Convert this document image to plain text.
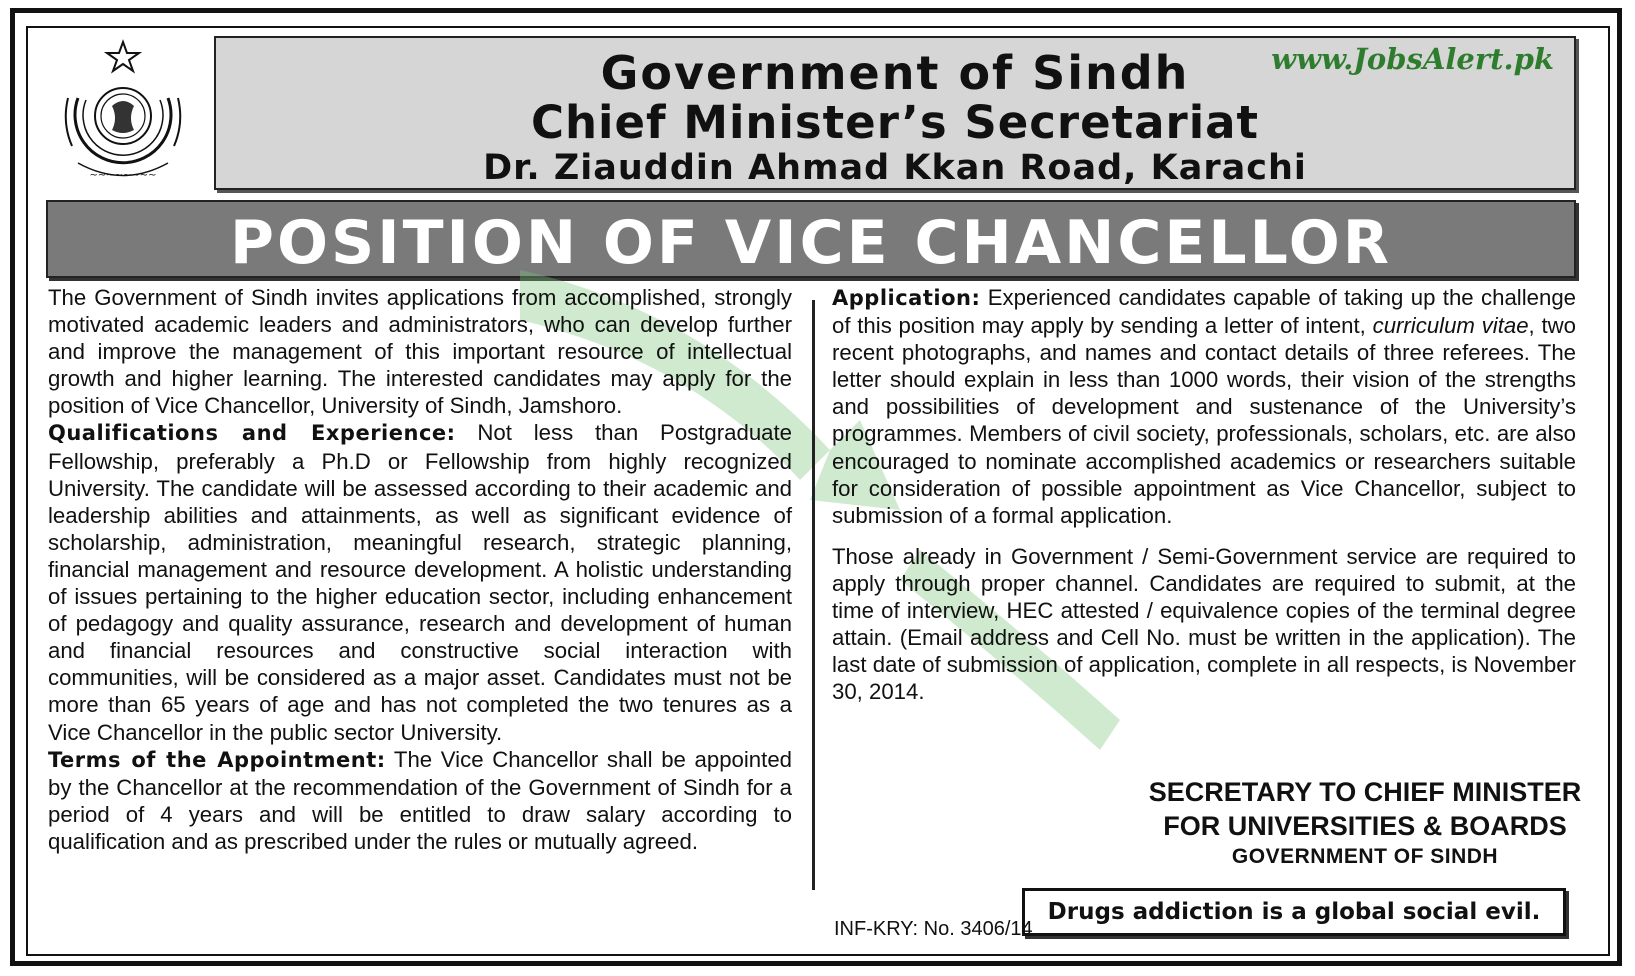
~~~~~~~~
Government of Sindh
Chief Minister’s Secretariat
Dr. Ziauddin Ahmad Kkan Road, Karachi
www.JobsAlert.pk
POSITION OF VICE CHANCELLOR

The Government of Sindh invites applications from accomplished, strongly motivated academic leaders and administrators, who can develop further and improve the management of this important resource of intellectual growth and higher learning. The interested candidates may apply for the position of Vice Chancellor, University of Sindh, Jamshoro.

Qualifications and Experience: Not less than Postgraduate Fellowship, preferably a Ph.D or Fellowship from highly recognized University. The candidate will be assessed according to their academic and leadership abilities and attainments, as well as significant evidence of scholarship, administration, meaningful research, strategic planning, financial management and resource development. A holistic understanding of issues pertaining to the higher education sector, including enhancement of pedagogy and quality assurance, research and development of human and financial resources and constructive social interaction with communities, will be considered as a major asset. Candidates must not be more than 65 years of age and has not completed the two tenures as a Vice Chancellor in the public sector University.

Terms of the Appointment: The Vice Chancellor shall be appointed by the Chancellor at the recommendation of the Government of Sindh for a period of 4 years and will be entitled to draw salary according to qualification and as prescribed under the rules or mutually agreed.

Application: Experienced candidates capable of taking up the challenge of this position may apply by sending a letter of intent, curriculum vitae, two recent photographs, and names and contact details of three referees. The letter should explain in less than 1000 words, their vision of the strengths and possibilities of development and sustenance of the University’s programmes. Members of civil society, professionals, scholars, etc. are also encouraged to nominate accomplished academics or researchers suitable for consideration of possible appointment as Vice Chancellor, subject to submission of a formal application.

Those already in Government / Semi-Government service are required to apply through proper channel. Candidates are required to submit, at the time of interview, HEC attested / equivalence copies of the terminal degree attain. (Email address and Cell No. must be written in the application). The last date of submission of application, complete in all respects, is November 30, 2014.

SECRETARY TO CHIEF MINISTER
FOR UNIVERSITIES & BOARDS
GOVERNMENT OF SINDH
Drugs addiction is a global social evil.
INF-KRY: No. 3406/14
